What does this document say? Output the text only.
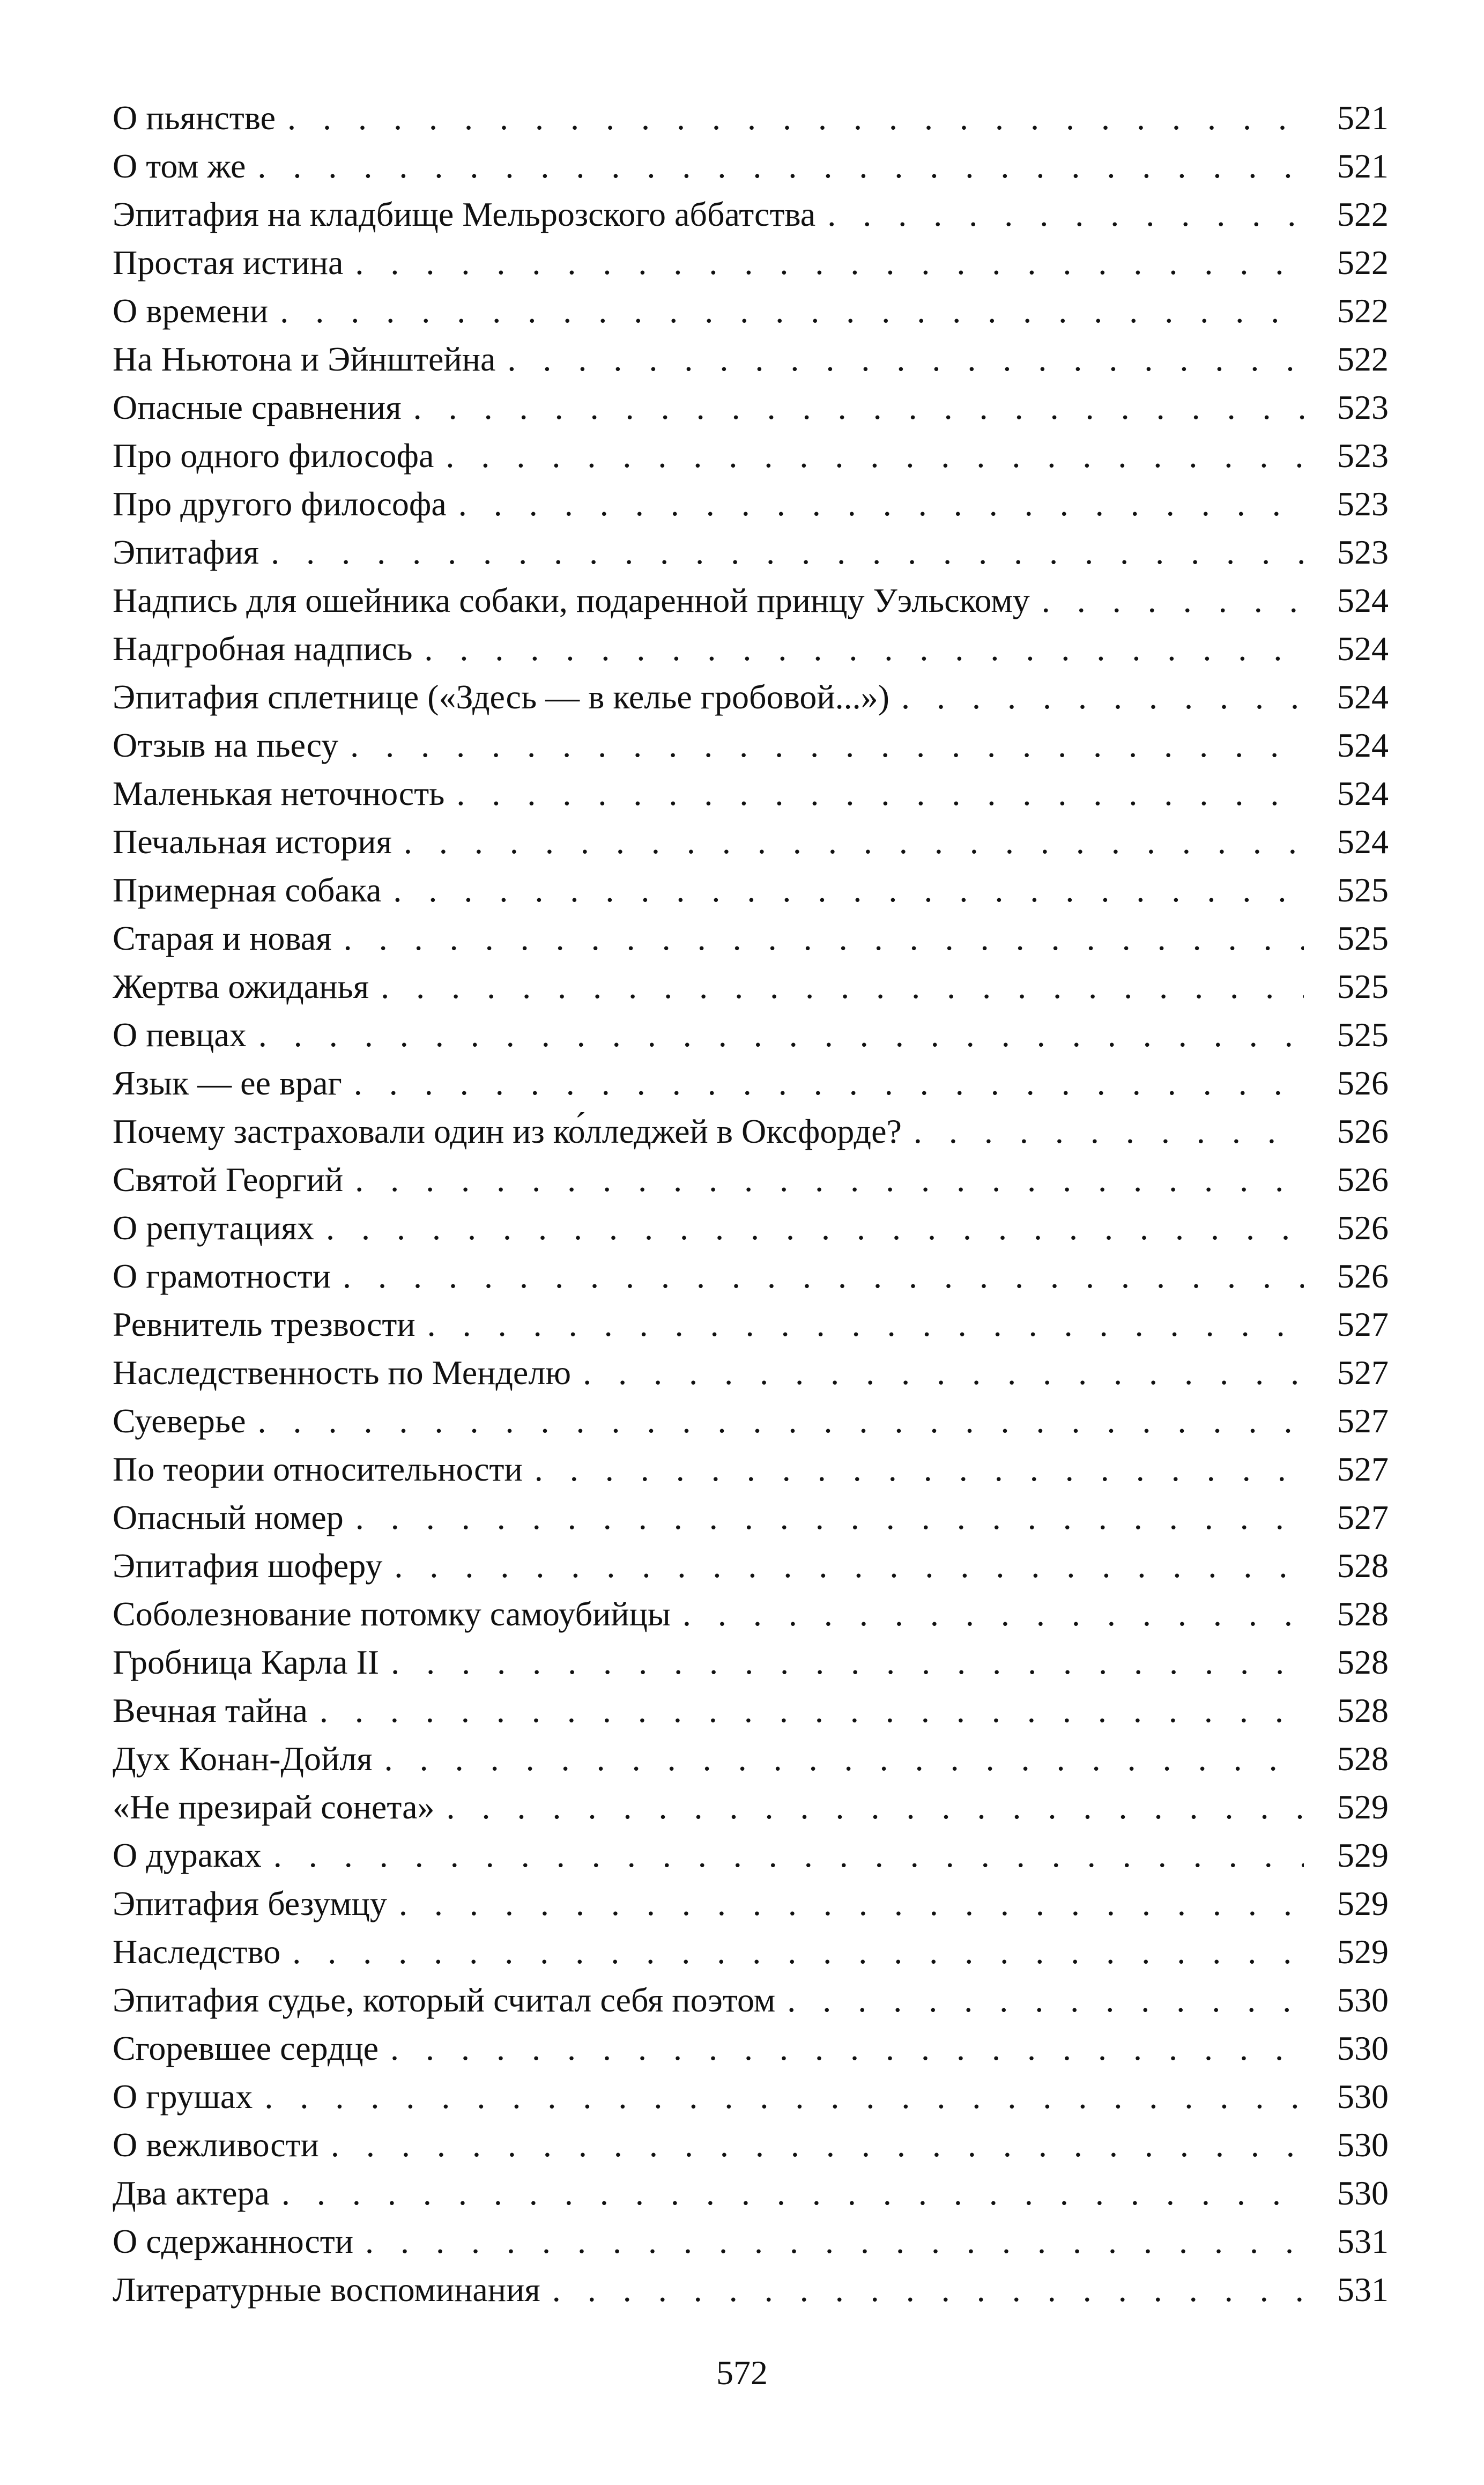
О пьянстве . . .	521
О том же . . .	521
Эпитафия на кладбище Мельрозского аббатства . . .	522
Простая истина . . .	522
О времени . . .	522
На Ньютона и Эйнштейна . . .	522
Опасные сравнения . . .	523
Про одного философа . . .	523
Про другого философа . . .	523
Эпитафия . . .	523
Надпись для ошейника собаки, подаренной принцу Уэльскому . . .	524
Надгробная надпись . . .	524
Эпитафия сплетнице («Здесь — в келье гробовой...») . . .	524
Отзыв на пьесу . . .	524
Маленькая неточность . . .	524
Печальная история . . .	524
Примерная собака . . .	525
Старая и новая . . .	525
Жертва ожиданья . . .	525
О певцах . . .	525
Язык — ее враг . . .	526
Почему застраховали один из ко́лледжей в Оксфорде? . . .	526
Святой Георгий . . .	526
О репутациях . . .	526
О грамотности . . .	526
Ревнитель трезвости . . .	527
Наследственность по Менделю . . .	527
Суеверье . . .	527
По теории относительности . . .	527
Опасный номер . . .	527
Эпитафия шоферу . . .	528
Соболезнование потомку самоубийцы . . .	528
Гробница Карла II . . .	528
Вечная тайна . . .	528
Дух Конан-Дойля . . .	528
«Не презирай сонета» . . .	529
О дураках . . .	529
Эпитафия безумцу . . .	529
Наследство . . .	529
Эпитафия судье, который считал себя поэтом . . .	530
Сгоревшее сердце . . .	530
О грушах . . .	530
О вежливости . . .	530
Два актера . . .	530
О сдержанности . . .	531
Литературные воспоминания . . .	531
572
